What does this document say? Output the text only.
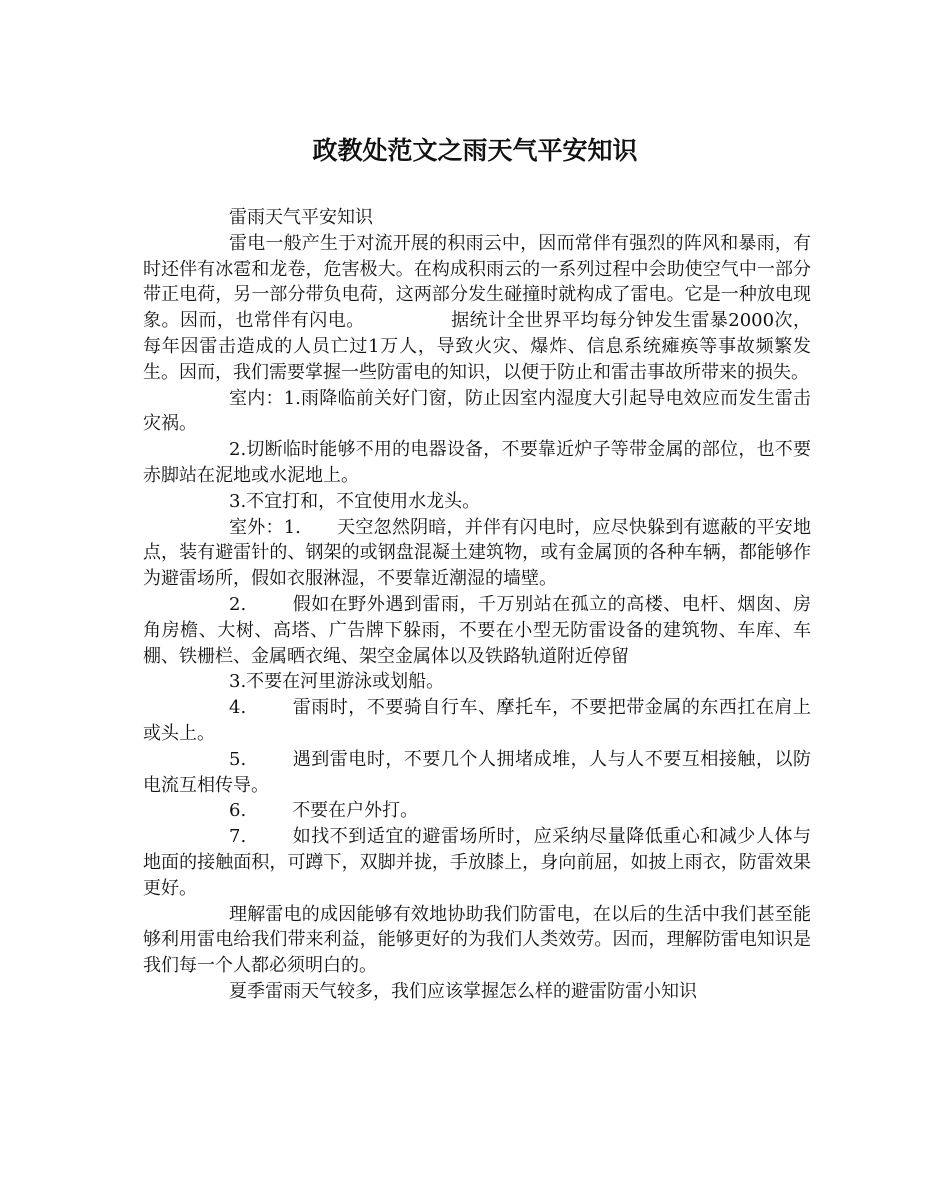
政教处范文之雨天气平安知识

雷雨天气平安知识

雷电一般产生于对流开展的积雨云中，因而常伴有强烈的阵风和暴雨，有时还伴有冰雹和龙卷，危害极大。在构成积雨云的一系列过程中会助使空气中一部分带正电荷，另一部分带负电荷，这两部分发生碰撞时就构成了雷电。它是一种放电现象。因而，也常伴有闪电。	据统计全世界平均每分钟发生雷暴2000次，每年因雷击造成的人员亡过1万人，导致火灾、爆炸、信息系统瘫痪等事故频繁发生。因而，我们需要掌握一些防雷电的知识，以便于防止和雷击事故所带来的损失。

室内：1.雨降临前关好门窗，防止因室内湿度大引起导电效应而发生雷击灾祸。

2.切断临时能够不用的电器设备，不要靠近炉子等带金属的部位，也不要赤脚站在泥地或水泥地上。

3.不宜打和，不宜使用水龙头。

室外：1. 天空忽然阴暗，并伴有闪电时，应尽快躲到有遮蔽的平安地点，装有避雷针的、钢架的或钢盘混凝土建筑物，或有金属顶的各种车辆，都能够作为避雷场所，假如衣服淋湿，不要靠近潮湿的墙壁。

2.	假如在野外遇到雷雨，千万别站在孤立的高楼、电杆、烟囱、房角房檐、大树、高塔、广告牌下躲雨，不要在小型无防雷设备的建筑物、车库、车棚、铁栅栏、金属晒衣绳、架空金属体以及铁路轨道附近停留

3.不要在河里游泳或划船。

4.	雷雨时，不要骑自行车、摩托车，不要把带金属的东西扛在肩上或头上。

5.	遇到雷电时，不要几个人拥堵成堆，人与人不要互相接触，以防电流互相传导。

6.	不要在户外打。

7.	如找不到适宜的避雷场所时，应采纳尽量降低重心和减少人体与地面的接触面积，可蹲下，双脚并拢，手放膝上，身向前屈，如披上雨衣，防雷效果更好。

理解雷电的成因能够有效地协助我们防雷电，在以后的生活中我们甚至能够利用雷电给我们带来利益，能够更好的为我们人类效劳。因而，理解防雷电知识是我们每一个人都必须明白的。

夏季雷雨天气较多，我们应该掌握怎么样的避雷防雷小知识
